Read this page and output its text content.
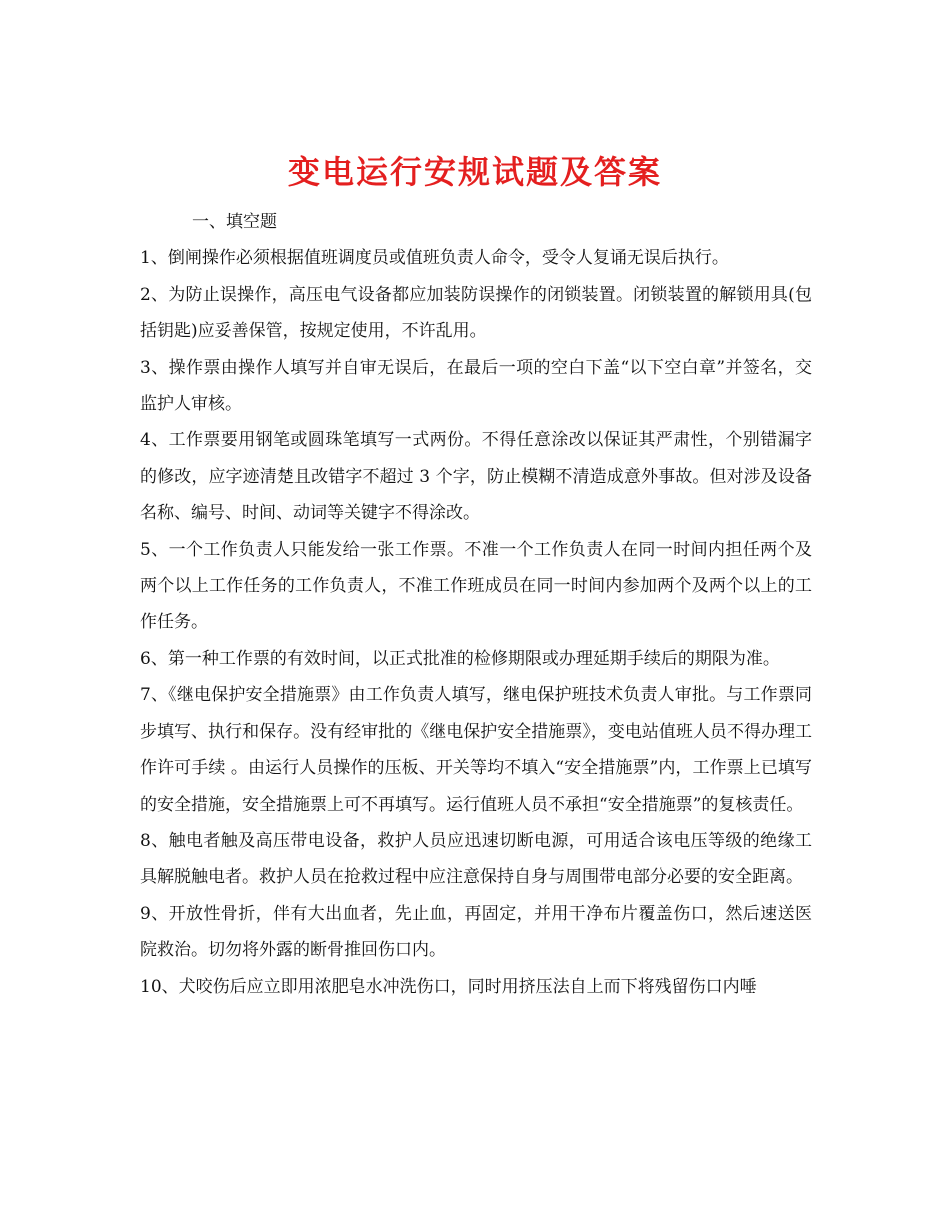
变电运行安规试题及答案

一、填空题

1、倒闸操作必须根据值班调度员或值班负责人命令，受令人复诵无误后执行。

2、为防止误操作，高压电气设备都应加装防误操作的闭锁装置。闭锁装置的解锁用具(包括钥匙)应妥善保管，按规定使用，不许乱用。

3、操作票由操作人填写并自审无误后，在最后一项的空白下盖“以下空白章”并签名，交监护人审核。

4、工作票要用钢笔或圆珠笔填写一式两份。不得任意涂改以保证其严肃性，个别错漏字的修改，应字迹清楚且改错字不超过 3 个字，防止模糊不清造成意外事故。但对涉及设备名称、编号、时间、动词等关键字不得涂改。

5、一个工作负责人只能发给一张工作票。不准一个工作负责人在同一时间内担任两个及两个以上工作任务的工作负责人，不准工作班成员在同一时间内参加两个及两个以上的工作任务。

6、第一种工作票的有效时间，以正式批准的检修期限或办理延期手续后的期限为准。

7、《继电保护安全措施票》由工作负责人填写，继电保护班技术负责人审批。与工作票同步填写、执行和保存。没有经审批的《继电保护安全措施票》，变电站值班人员不得办理工作许可手续 。由运行人员操作的压板、开关等均不填入“安全措施票”内，工作票上已填写的安全措施，安全措施票上可不再填写。运行值班人员不承担“安全措施票”的复核责任。

8、触电者触及高压带电设备，救护人员应迅速切断电源，可用适合该电压等级的绝缘工具解脱触电者。救护人员在抢救过程中应注意保持自身与周围带电部分必要的安全距离。

9、开放性骨折，伴有大出血者，先止血，再固定，并用干净布片覆盖伤口，然后速送医院救治。切勿将外露的断骨推回伤口内。

10、犬咬伤后应立即用浓肥皂水冲洗伤口，同时用挤压法自上而下将残留伤口内唾
